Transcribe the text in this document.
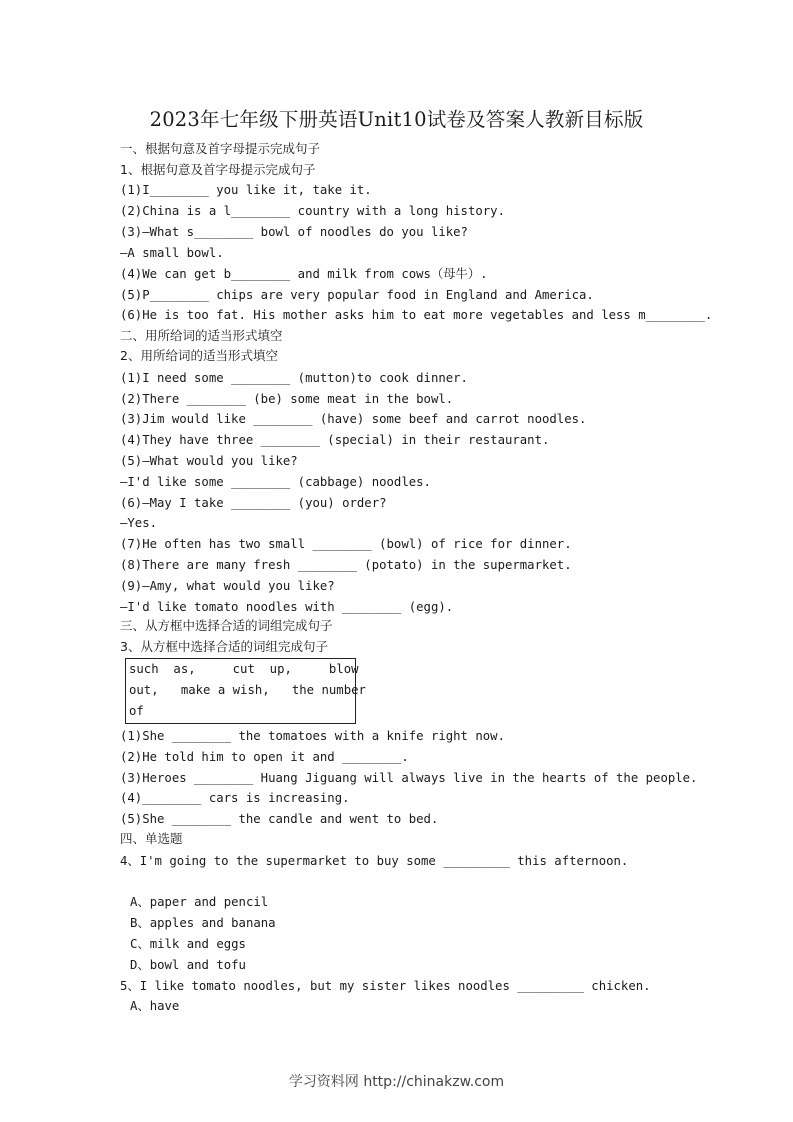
2023年七年级下册英语Unit10试卷及答案人教新目标版
一、根据句意及首字母提示完成句子
1、根据句意及首字母提示完成句子
(1)I________ you like it, take it.
(2)China is a l________ country with a long history.
(3)—What s________ bowl of noodles do you like?
—A small bowl.
(4)We can get b________ and milk from cows（母牛）.
(5)P________ chips are very popular food in England and America.
(6)He is too fat. His mother asks him to eat more vegetables and less m________.
二、用所给词的适当形式填空
2、用所给词的适当形式填空
(1)I need some ________ (mutton)to cook dinner.
(2)There ________ (be) some meat in the bowl.
(3)Jim would like ________ (have) some beef and carrot noodles.
(4)They have three ________ (special) in their restaurant.
(5)—What would you like?
—I'd like some ________ (cabbage) noodles.
(6)—May I take ________ (you) order?
—Yes.
(7)He often has two small ________ (bowl) of rice for dinner.
(8)There are many fresh ________ (potato) in the supermarket.
(9)—Amy, what would you like?
—I'd like tomato noodles with ________ (egg).
三、从方框中选择合适的词组完成句子
3、从方框中选择合适的词组完成句子
such  as,     cut  up,     blow
out,   make a wish,   the number
of
(1)She ________ the tomatoes with a knife right now.
(2)He told him to open it and ________.
(3)Heroes ________ Huang Jiguang will always live in the hearts of the people.
(4)________ cars is increasing.
(5)She ________ the candle and went to bed.
四、单选题
4、I'm going to the supermarket to buy some _________ this afternoon.
A、paper and pencil
B、apples and banana
C、milk and eggs
D、bowl and tofu
5、I like tomato noodles, but my sister likes noodles _________ chicken.
A、have
学习资料网 http://chinakzw.com
